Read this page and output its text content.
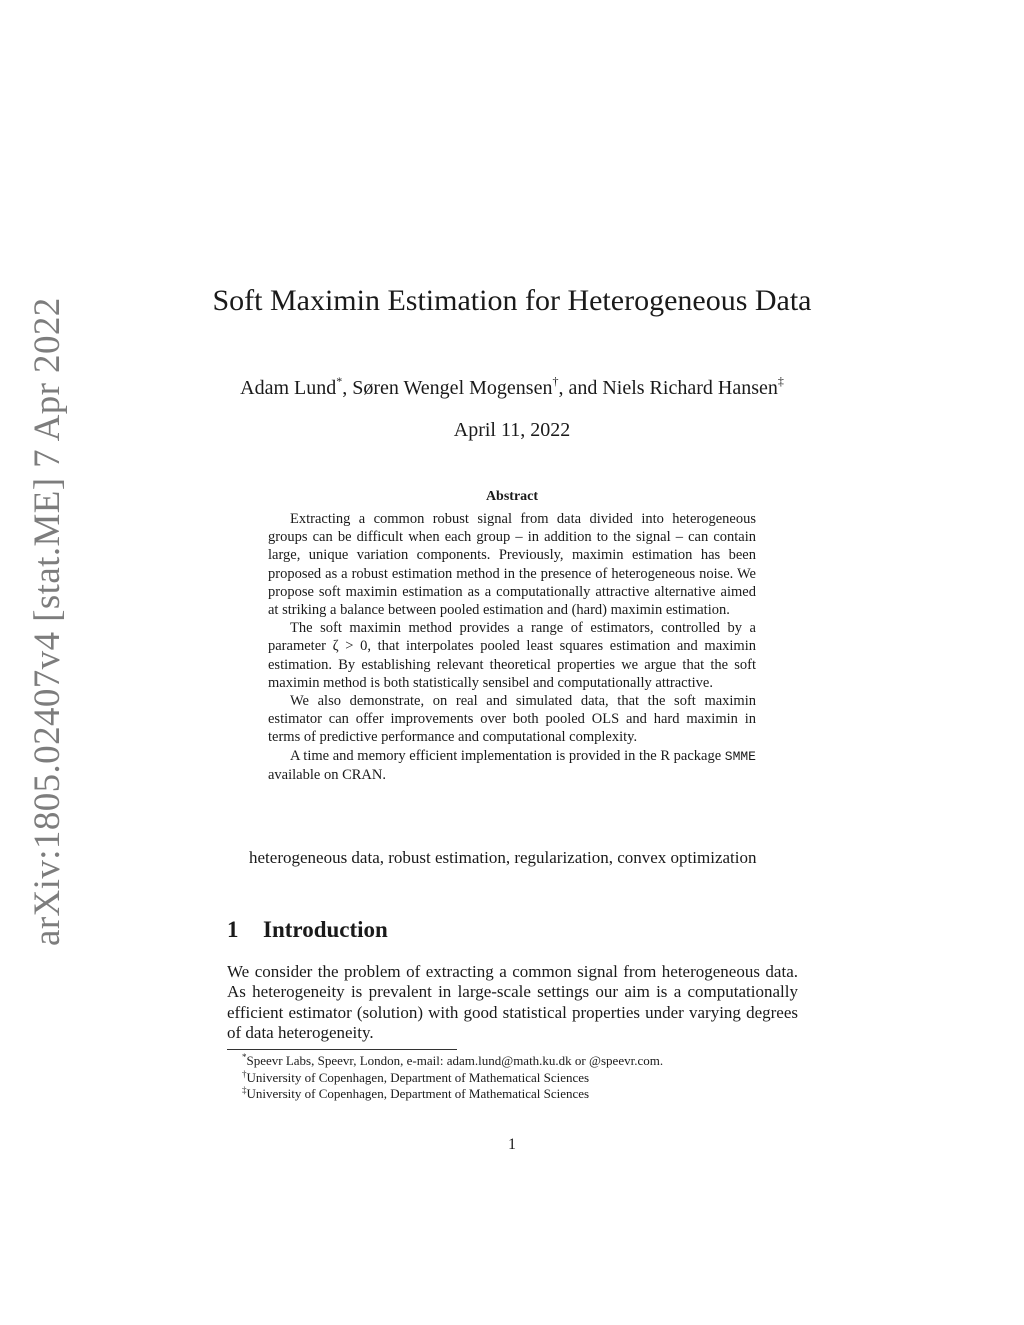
arXiv:1805.02407v4 [stat.ME] 7 Apr 2022	Soft Maximin Estimation for Heterogeneous Data
Adam Lund*, Søren Wengel Mogensen†, and Niels Richard Hansen‡
April 11, 2022
Abstract

Extracting a common robust signal from data divided into heterogeneous groups can be difficult when each group – in addition to the signal – can contain large, unique variation components. Previously, maximin estimation has been proposed as a robust estimation method in the presence of heterogeneous noise. We propose soft maximin estimation as a computationally attractive alternative aimed at striking a balance between pooled estimation and (hard) maximin estimation.

The soft maximin method provides a range of estimators, controlled by a parameter ζ > 0, that interpolates pooled least squares estimation and maximin estimation. By establishing relevant theoretical properties we argue that the soft maximin method is both statistically sensibel and computationally attractive.

We also demonstrate, on real and simulated data, that the soft maximin estimator can offer improvements over both pooled OLS and hard maximin in terms of predictive performance and computational complexity.

A time and memory efficient implementation is provided in the R package SMME available on CRAN.

heterogeneous data, robust estimation, regularization, convex optimization
1 Introduction

We consider the problem of extracting a common signal from heterogeneous data. As heterogeneity is prevalent in large-scale settings our aim is a computationally efficient estimator (solution) with good statistical properties under varying degrees of data heterogeneity.

*Speevr Labs, Speevr, London, e-mail: adam.lund@math.ku.dk or @speevr.com.
†University of Copenhagen, Department of Mathematical Sciences
‡University of Copenhagen, Department of Mathematical Sciences
1
